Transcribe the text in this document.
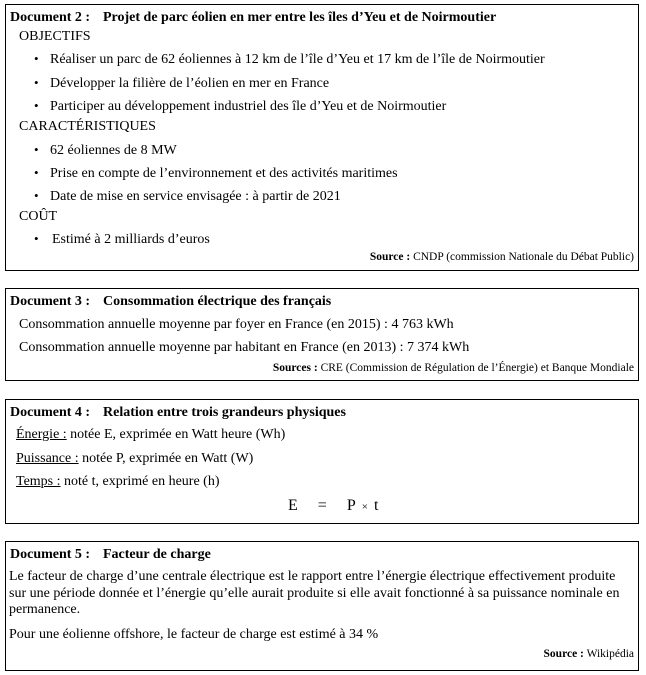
Document 2 : Projet de parc éolien en mer entre les îles d’Yeu et de Noirmoutier
OBJECTIFS
• Réaliser un parc de 62 éoliennes à 12 km de l’île d’Yeu et 17 km de l’île de Noirmoutier
• Développer la filière de l’éolien en mer en France
• Participer au développement industriel des île d’Yeu et de Noirmoutier
CARACTÉRISTIQUES
• 62 éoliennes de 8 MW
• Prise en compte de l’environnement et des activités maritimes
• Date de mise en service envisagée : à partir de 2021
COÛT
• Estimé à 2 milliards d’euros
Source : CNDP (commission Nationale du Débat Public)
Document 3 : Consommation électrique des français
Consommation annuelle moyenne par foyer en France (en 2015) : 4 763 kWh
Consommation annuelle moyenne par habitant en France (en 2013) : 7 374 kWh
Sources : CRE (Commission de Régulation de l’Énergie) et Banque Mondiale
Document 4 : Relation entre trois grandeurs physiques
Énergie : notée E, exprimée en Watt heure (Wh)
Puissance : notée P, exprimée en Watt (W)
Temps : noté t, exprimé en heure (h)
E = P × t
Document 5 : Facteur de charge
Le facteur de charge d’une centrale électrique est le rapport entre l’énergie électrique effectivement produite sur une période donnée et l’énergie qu’elle aurait produite si elle avait fonctionné à sa puissance nominale en permanence.
Pour une éolienne offshore, le facteur de charge est estimé à 34 %
Source : Wikipédia
